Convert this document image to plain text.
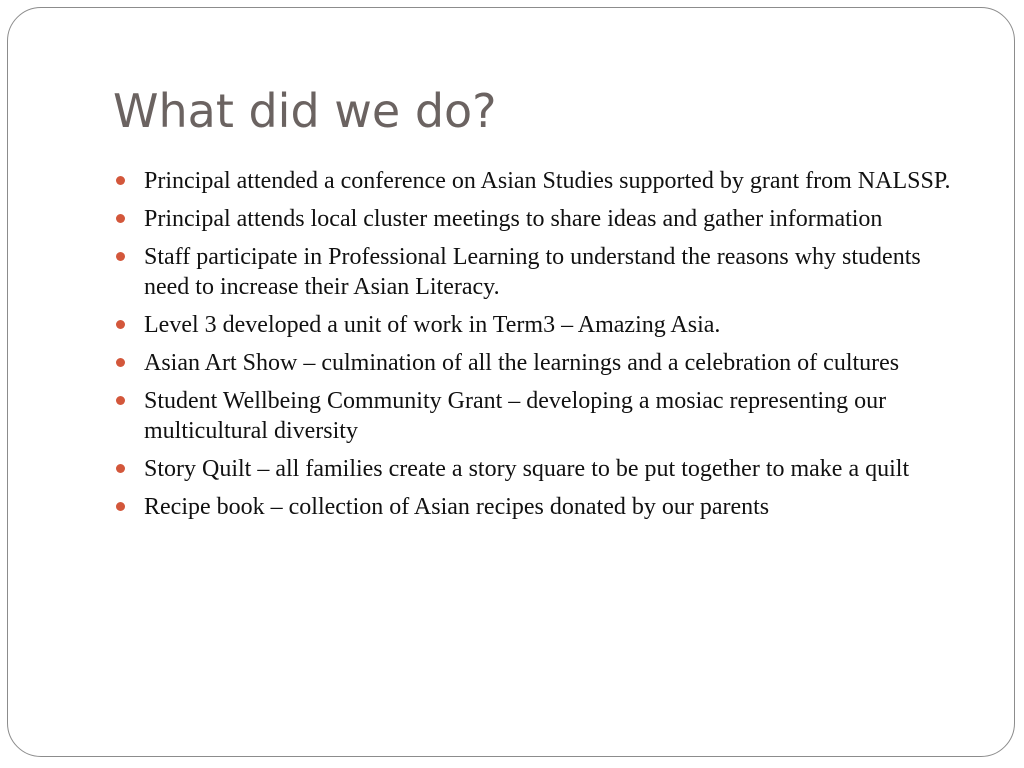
What did we do?
Principal attended a conference on Asian Studies supported by grant from NALSSP.
Principal attends local cluster meetings to share ideas and gather information
Staff participate in Professional Learning to understand the reasons why students need to increase their Asian Literacy.
Level 3 developed a unit of work in Term3 – Amazing Asia.
Asian Art Show – culmination of all the learnings and a celebration of cultures
Student Wellbeing Community Grant – developing a mosiac representing our multicultural diversity
Story Quilt – all families create a story square to be put together to make a quilt
Recipe book – collection of Asian recipes donated by our parents
